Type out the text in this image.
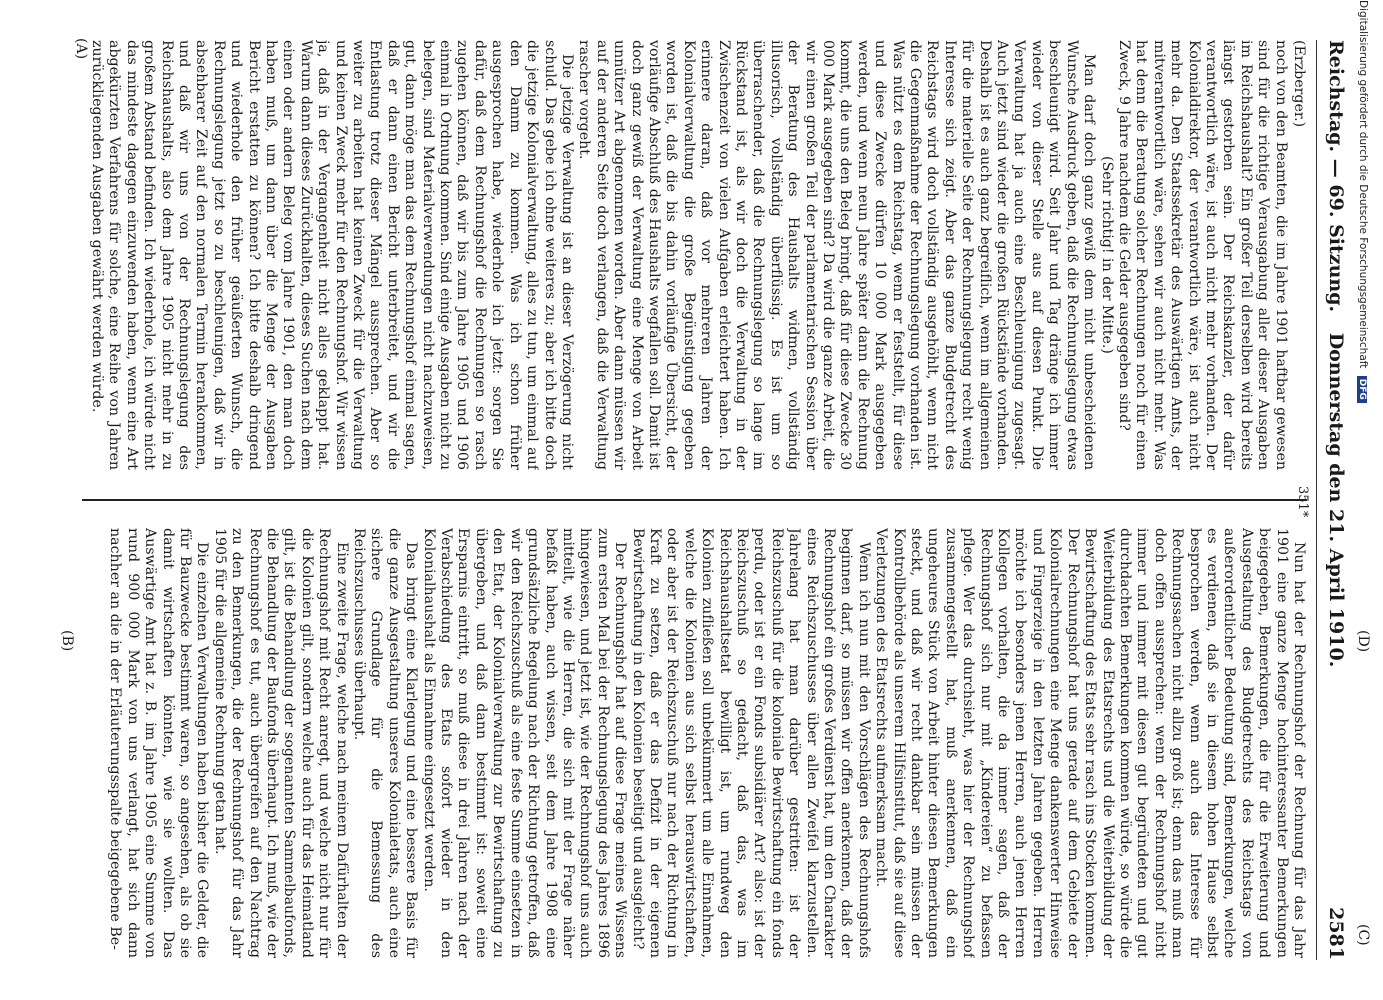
Digitalisierung gefördert durch die Deutsche Forschungsgemeinschaft DFG
Reichstag. — 69. Sitzung.
Donnerstag den 21. April 1910.
2581
(A)
(B)

(Erzberger.)

noch von den Beamten, die im Jahre 1901 haftbar gewesen sind für die richtige Verausgabung aller dieser Ausgaben im Reichshaushalt? Ein großer Teil derselben wird bereits längst gestorben sein. Der Reichskanzler, der dafür verantwortlich wäre, ist auch nicht mehr vorhanden. Der Kolonialdirektor, der verantwortlich wäre, ist auch nicht mehr da. Den Staatssekretär des Auswärtigen Amts, der mitverantwortlich wäre, sehen wir auch nicht mehr. Was hat denn die Beratung solcher Rechnungen noch für einen Zweck, 9 Jahre nachdem die Gelder ausgegeben sind?

(Sehr richtig! in der Mitte.)

Man darf doch ganz gewiß dem nicht unbescheidenen Wunsche Ausdruck geben, daß die Rechnungslegung etwas beschleunigt wird. Seit Jahr und Tag dränge ich immer wieder von dieser Stelle aus auf diesen Punkt. Die Verwaltung hat ja auch eine Beschleunigung zugesagt. Auch jetzt sind wieder die großen Rückstände vorhanden. Deshalb ist es auch ganz begreiflich, wenn im allgemeinen für die materielle Seite der Rechnungslegung recht wenig Interesse sich zeigt. Aber das ganze Budgetrecht des Reichstags wird doch vollständig ausgehöhlt, wenn nicht die Gegenmaßnahme der Rechnungslegung vorhanden ist. Was nützt es dem Reichstag, wenn er feststellt, für diese und diese Zwecke dürfen 10 000 Mark ausgegeben werden, und wenn neun Jahre später dann die Rechnung kommt, die uns den Beleg bringt, daß für diese Zwecke 30 000 Mark ausgegeben sind? Da wird die ganze Arbeit, die wir einen großen Teil der parlamentarischen Session über der Beratung des Haushalts widmen, vollständig illusorisch, vollständig überflüssig. Es ist um so überraschender, daß die Rechnungslegung so lange im Rückstand ist, als wir doch die Verwaltung in der Zwischenzeit von vielen Aufgaben erleichtert haben. Ich erinnere daran, daß vor mehreren Jahren der Kolonialverwaltung die große Begünstigung gegeben worden ist, daß die bis dahin vorläufige Übersicht, der vorläufige Abschluß des Haushalts wegfallen soll. Damit ist doch ganz gewiß der Verwaltung eine Menge von Arbeit unnützer Art abgenommen worden. Aber dann müssen wir auf der anderen Seite doch verlangen, daß die Verwaltung rascher vorgeht.

Die jetzige Verwaltung ist an dieser Verzögerung nicht schuld. Das gebe ich ohne weiteres zu; aber ich bitte doch die jetzige Kolonialverwaltung, alles zu tun, um einmal auf den Damm zu kommen. Was ich schon früher ausgesprochen habe, wiederhole ich jetzt: sorgen Sie dafür, daß dem Rechnungshof die Rechnungen so rasch zugehen können, daß wir bis zum Jahre 1905 und 1906 einmal in Ordnung kommen. Sind einige Ausgaben nicht zu belegen, sind Materialverwendungen nicht nachzuweisen, gut, dann möge man das dem Rechnungshof einmal sagen, daß er dann einen Bericht unterbreitet, und wir die Entlastung trotz dieser Mängel aussprechen. Aber so weiter zu arbeiten hat keinen Zweck für die Verwaltung und keinen Zweck mehr für den Rechnungshof. Wir wissen ja, daß in der Vergangenheit nicht alles geklappt hat. Warum dann dieses Zurückhalten, dieses Suchen nach dem einen oder andern Beleg vom Jahre 1901, den man doch haben muß, um dann über die Menge der Ausgaben Bericht erstatten zu können? Ich bitte deshalb dringend und wiederhole den früher geäußerten Wunsch, die Rechnungslegung jetzt so zu beschleunigen, daß wir in absehbarer Zeit auf den normalen Termin herankommen, und daß wir uns von der Rechnungslegung des Reichshaushalts, also dem Jahre 1905 nicht mehr in zu großem Abstand befinden. Ich wiederhole, ich würde nicht das mindeste dagegen einzuwenden haben, wenn eine Art abgekürzten Verfahrens für solche, eine Reihe von Jahren zurückliegenden Ausgaben gewährt werden würde.

Nun hat der Rechnungshof der Rechnung für das Jahr 1901 eine ganze Menge hochinteressanter Bemerkungen beigegeben, Bemerkungen, die für die Erweiterung und Ausgestaltung des Budgetrechts des Reichstags von außerordentlicher Bedeutung sind, Bemerkungen, welche es verdienen, daß sie in diesem hohen Hause selbst besprochen werden, wenn auch das Interesse für Rechnungssachen nicht allzu groß ist; denn das muß man doch offen aussprechen: wenn der Rechnungshof nicht immer und immer mit diesen gut begründeten und gut durchdachten Bemerkungen kommen würde, so würde die Weiterbildung des Etatsrechts und die Weiterbildung der Bewirtschaftung des Etats sehr rasch ins Stocken kommen. Der Rechnungshof hat uns gerade auf dem Gebiete der Kolonialrechnungen eine Menge dankenswerter Hinweise und Fingerzeige in den letzten Jahren gegeben. Herren möchte ich besonders jenen Herren, auch jenen Herren Kollegen vorhalten, die da immer sagen, daß der Rechnungshof sich nur mit „Kindereien“ zu befassen pflege. Wer das durchsieht, was hier der Rechnungshof zusammengestellt hat, muß anerkennen, daß ein ungeheures Stück von Arbeit hinter diesen Bemerkungen steckt, und daß wir recht dankbar sein müssen der Kontrollbehörde als unserem Hilfsinstitut, daß sie auf diese Verletzungen des Etatsrechts aufmerksam macht.

Wenn ich nun mit den Vorschlägen des Rechnungshofs beginnen darf, so müssen wir offen anerkennen, daß der Rechnungshof ein großes Verdienst hat, um den Charakter eines Reichszuschusses über allen Zweifel klarzustellen. Jahrelang hat man darüber gestritten: ist der Reichszuschuß für die koloniale Bewirtschaftung ein fonds perdu, oder ist er ein Fonds subsidiärer Art? also: ist der Reichszuschuß so gedacht, daß das, was im Reichshaushaltsetat bewilligt ist, um rundweg den Kolonien zufließen soll unbekümmert um alle Einnahmen, welche die Kolonien aus sich selbst herauswirtschaften, oder aber ist der Reichszuschuß nur nach der Richtung in Kraft zu setzen, daß er das Defizit in der eigenen Bewirtschaftung in den Kolonien beseitigt und ausgleicht?

Der Rechnungshof hat auf diese Frage meines Wissens zum ersten Mal bei der Rechnungslegung des Jahres 1896 hingewiesen, und jetzt ist, wie der Rechnungshof uns auch mitteilt, wie die Herren, die sich mit der Frage näher befaßt haben, auch wissen, seit dem Jahre 1908 eine grundsätzliche Regelung nach der Richtung getroffen, daß wir den Reichszuschuß als eine feste Summe einsetzen in den Etat, der Kolonialverwaltung zur Bewirtschaftung zu übergeben, und daß dann bestimmt ist: soweit eine Ersparnis eintritt, so muß diese in drei Jahren nach der Verabschiedung des Etats sofort wieder in den Kolonialhaushalt als Einnahme eingesetzt werden.

Das bringt eine Klarlegung und eine bessere Basis für die ganze Ausgestaltung unseres Kolonialetats, auch eine sichere Grundlage für die Bemessung des Reichszuschusses überhaupt.

Eine zweite Frage, welche nach meinem Dafürhalten der Rechnungshof mit Recht anregt, und welche nicht nur für die Kolonien gilt, sondern welche auch für das Heimatland gilt, ist die Behandlung der sogenannten Sammelbaufonds, die Behandlung der Baufonds überhaupt. Ich muß, wie der Rechnungshof es tut, auch übergreifen auf den Nachtrag zu den Bemerkungen, die der Rechnungshof für das Jahr 1905 für die allgemeine Rechnung getan hat.

Die einzelnen Verwaltungen haben bisher die Gelder, die für Bauzwecke bestimmt waren, so angesehen, als ob sie damit wirtschaften könnten, wie sie wollten. Das Auswärtige Amt hat z. B. im Jahre 1905 eine Summe von rund 900 000 Mark von uns verlangt, hat sich dann nachher an die in der Erläuterungsspalte beigegebene Be-	(C)
(D)
351*
